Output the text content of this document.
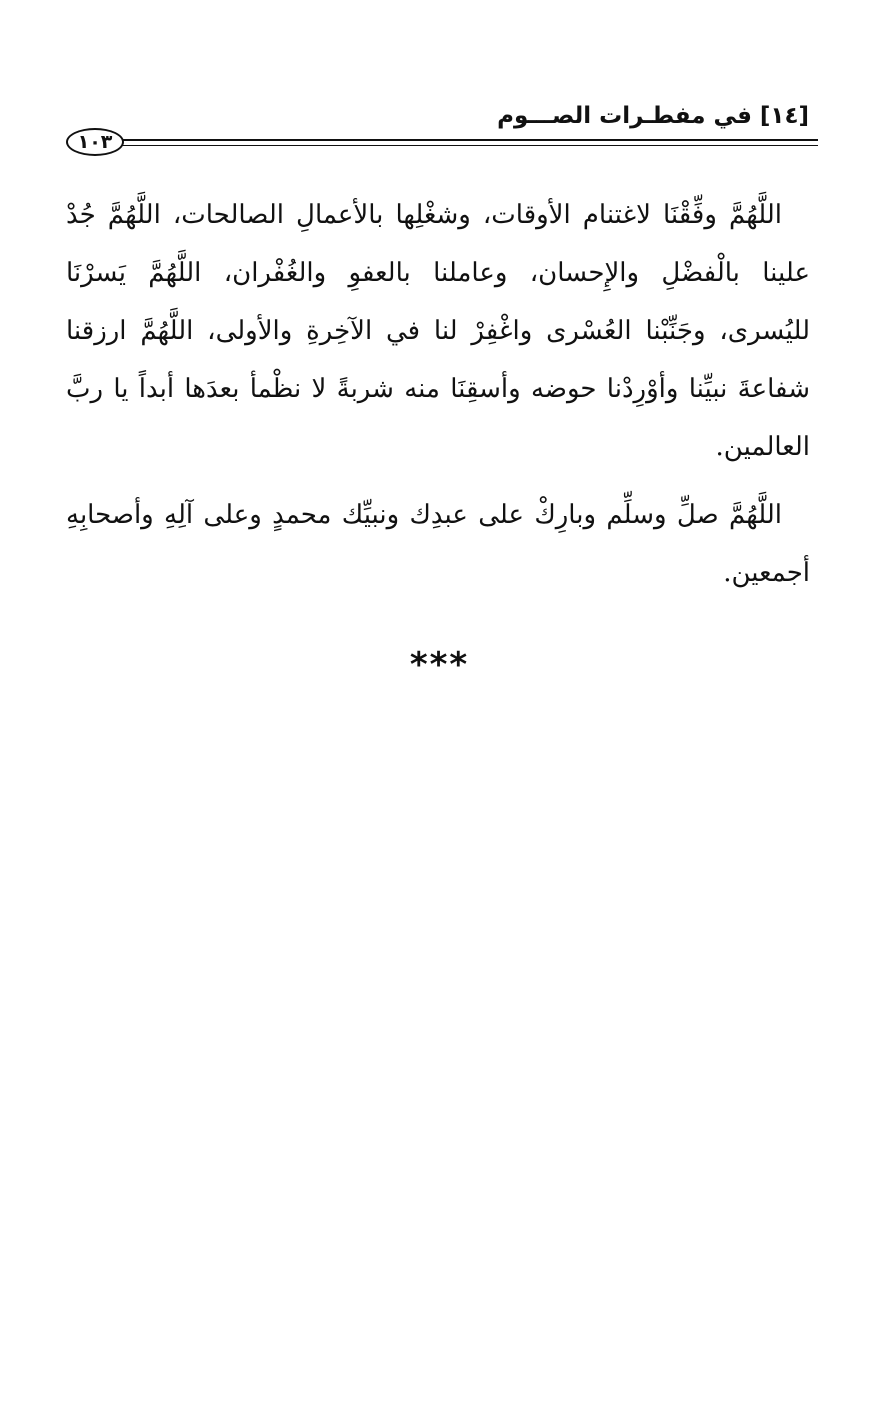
[١٤] في مفطـرات الصـــوم
١٠٣

اللَّهُمَّ وفِّقْنَا لاغتنام الأوقات، وشغْلِها بالأعمالِ الصالحات، اللَّهُمَّ جُدْ علينا بالْفضْلِ والإِحسان، وعاملنا بالعفوِ والغُفْران، اللَّهُمَّ يَسرْنَا لليُسرى، وجَنِّبْنا العُسْرى واغْفِرْ لنا في الآخِرةِ والأولى، اللَّهُمَّ ارزقنا شفاعةَ نبيِّنا وأوْرِدْنا حوضه وأسقِنَا منه شربةً لا نظْمأ بعدَها أبداً يا ربَّ العالمين.

اللَّهُمَّ صلِّ وسلِّم وبارِكْ على عبدِك ونبيِّك محمدٍ وعلى آلِهِ وأصحابِهِ أجمعين.

***
